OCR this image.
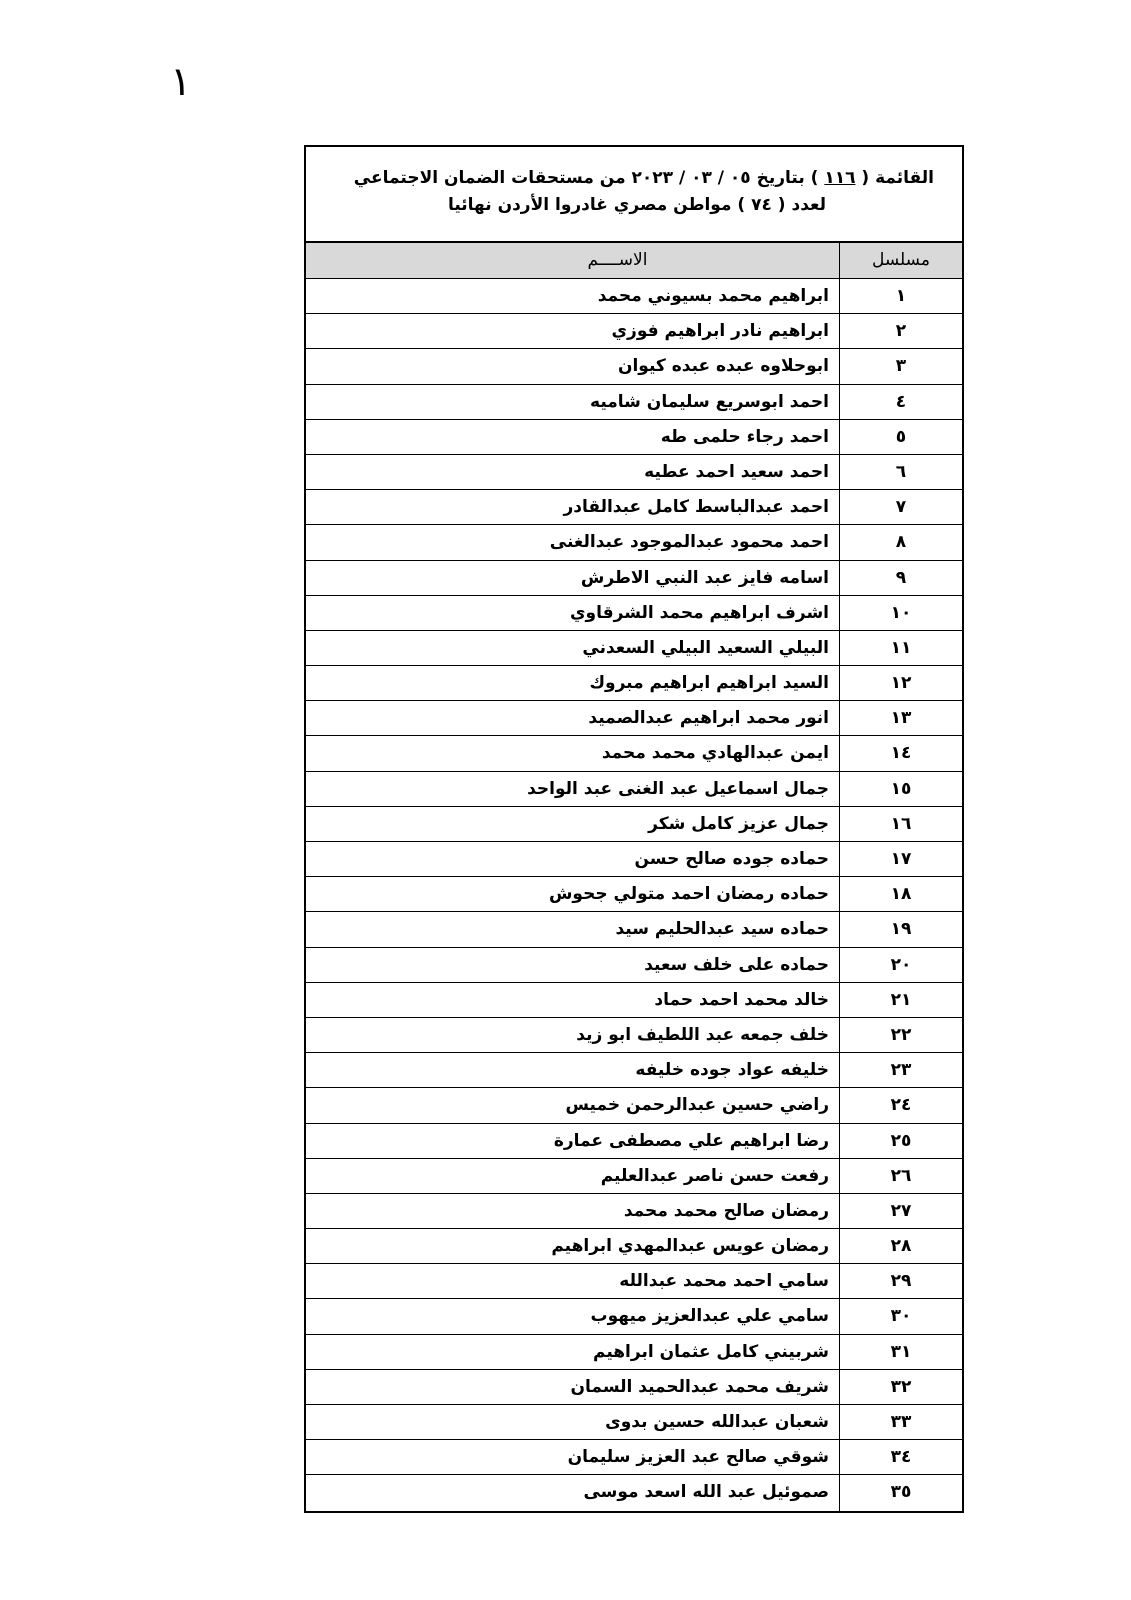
١
القائمة ( ١١٦ ) بتاريخ ٠٥ / ٠٣ / ٢٠٢٣ من مستحقات الضمان الاجتماعي
لعدد ( ٧٤ ) مواطن مصري غادروا الأردن نهائيا
مسلسل
الاســــم
١
ابراهيم محمد بسيوني محمد
٢
ابراهيم نادر ابراهيم فوزي
٣
ابوحلاوه عبده عبده كيوان
٤
احمد ابوسريع سليمان شاميه
٥
احمد رجاء حلمى طه
٦
احمد سعيد احمد عطيه
٧
احمد عبدالباسط كامل عبدالقادر
٨
احمد محمود عبدالموجود عبدالغنى
٩
اسامه فايز عبد النبي الاطرش
١٠
اشرف ابراهيم محمد الشرقاوي
١١
البيلي السعيد البيلي السعدني
١٢
السيد ابراهيم ابراهيم مبروك
١٣
انور محمد ابراهيم عبدالصميد
١٤
ايمن عبدالهادي محمد محمد
١٥
جمال اسماعيل عبد الغنى عبد الواحد
١٦
جمال عزيز كامل شكر
١٧
حماده جوده صالح حسن
١٨
حماده رمضان احمد متولي جحوش
١٩
حماده سيد عبدالحليم سيد
٢٠
حماده على خلف سعيد
٢١
خالد محمد احمد حماد
٢٢
خلف جمعه عبد اللطيف ابو زيد
٢٣
خليفه عواد جوده خليفه
٢٤
راضي حسين عبدالرحمن خميس
٢٥
رضا ابراهيم علي مصطفى عمارة
٢٦
رفعت حسن ناصر عبدالعليم
٢٧
رمضان صالح محمد محمد
٢٨
رمضان عويس عبدالمهدي ابراهيم
٢٩
سامي احمد محمد عبدالله
٣٠
سامي علي عبدالعزيز ميهوب
٣١
شربيني كامل عثمان ابراهيم
٣٢
شريف محمد عبدالحميد السمان
٣٣
شعبان عبدالله حسين بدوى
٣٤
شوقي صالح عبد العزيز سليمان
٣٥
صموئيل عبد الله اسعد موسى
